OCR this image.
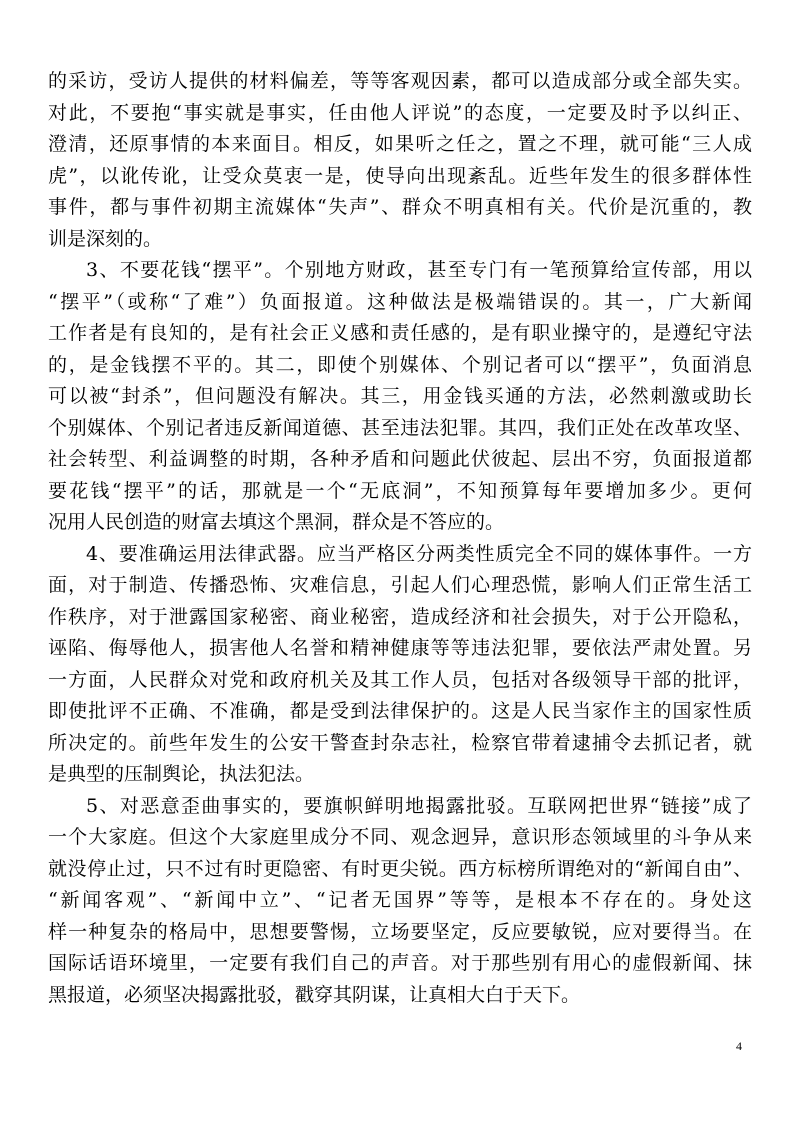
的采访，受访人提供的材料偏差，等等客观因素，都可以造成部分或全部失实。
对此，不要抱“事实就是事实，任由他人评说”的态度，一定要及时予以纠正、
澄清，还原事情的本来面目。相反，如果听之任之，置之不理，就可能“三人成
虎”，以讹传讹，让受众莫衷一是，使导向出现紊乱。近些年发生的很多群体性
事件，都与事件初期主流媒体“失声”、群众不明真相有关。代价是沉重的，教
训是深刻的。
3、不要花钱“摆平”。个别地方财政，甚至专门有一笔预算给宣传部，用以
“摆平”（或称“了难”）负面报道。这种做法是极端错误的。其一，广大新闻
工作者是有良知的，是有社会正义感和责任感的，是有职业操守的，是遵纪守法
的，是金钱摆不平的。其二，即使个别媒体、个别记者可以“摆平”，负面消息
可以被“封杀”，但问题没有解决。其三，用金钱买通的方法，必然刺激或助长
个别媒体、个别记者违反新闻道德、甚至违法犯罪。其四，我们正处在改革攻坚、
社会转型、利益调整的时期，各种矛盾和问题此伏彼起、层出不穷，负面报道都
要花钱“摆平”的话，那就是一个“无底洞”，不知预算每年要增加多少。更何
况用人民创造的财富去填这个黑洞，群众是不答应的。
4、要准确运用法律武器。应当严格区分两类性质完全不同的媒体事件。一方
面，对于制造、传播恐怖、灾难信息，引起人们心理恐慌，影响人们正常生活工
作秩序，对于泄露国家秘密、商业秘密，造成经济和社会损失，对于公开隐私，
诬陷、侮辱他人，损害他人名誉和精神健康等等违法犯罪，要依法严肃处置。另
一方面，人民群众对党和政府机关及其工作人员，包括对各级领导干部的批评，
即使批评不正确、不准确，都是受到法律保护的。这是人民当家作主的国家性质
所决定的。前些年发生的公安干警查封杂志社，检察官带着逮捕令去抓记者，就
是典型的压制舆论，执法犯法。
5、对恶意歪曲事实的，要旗帜鲜明地揭露批驳。互联网把世界“链接”成了
一个大家庭。但这个大家庭里成分不同、观念迥异，意识形态领域里的斗争从来
就没停止过，只不过有时更隐密、有时更尖锐。西方标榜所谓绝对的“新闻自由”、
“新闻客观”、“新闻中立”、“记者无国界”等等，是根本不存在的。身处这
样一种复杂的格局中，思想要警惕，立场要坚定，反应要敏锐，应对要得当。在
国际话语环境里，一定要有我们自己的声音。对于那些别有用心的虚假新闻、抹
黑报道，必须坚决揭露批驳，戳穿其阴谋，让真相大白于天下。
4
